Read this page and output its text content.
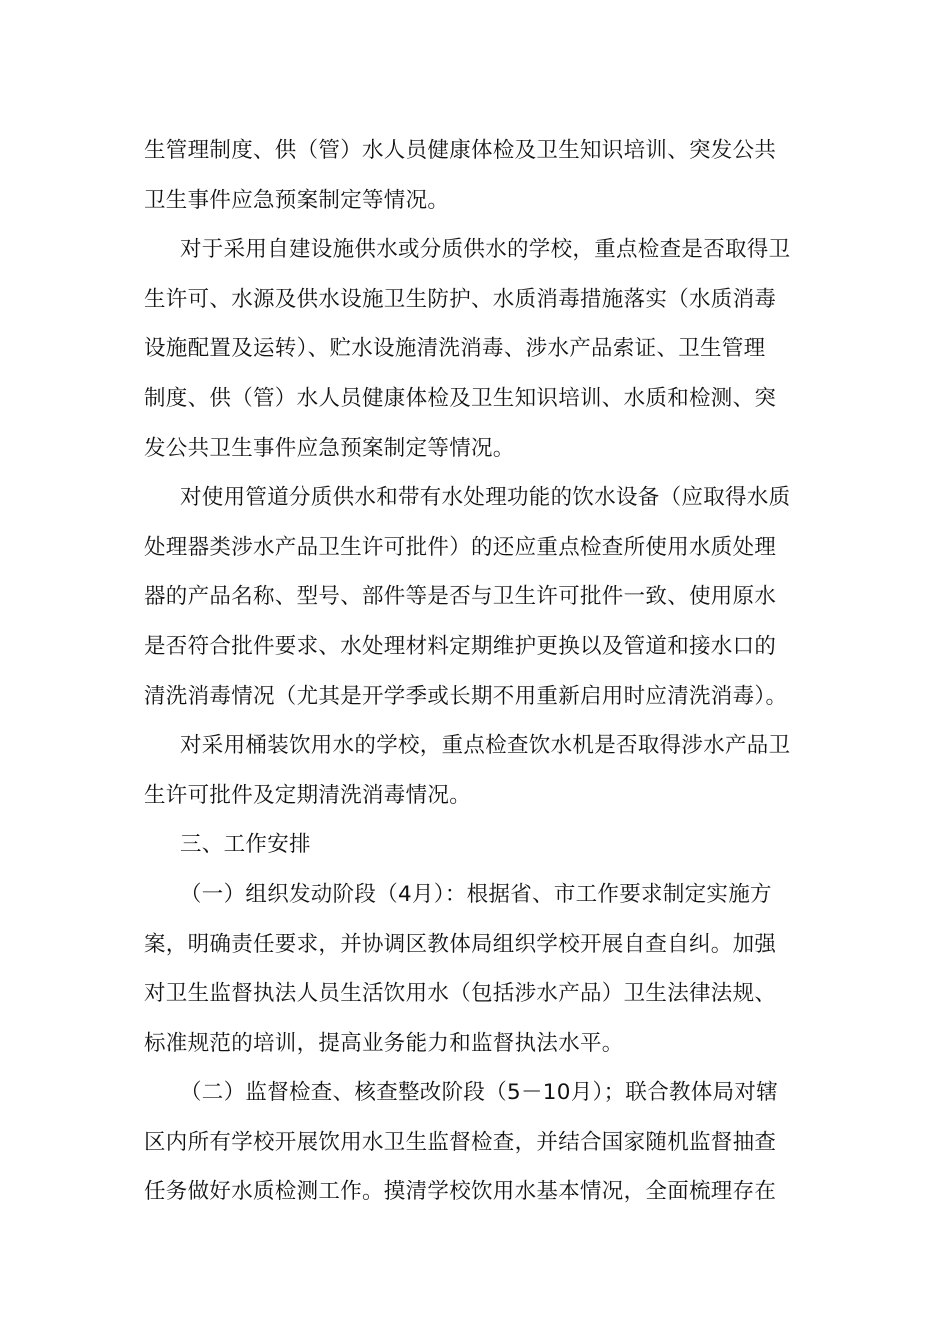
生管理制度、供（管）水人员健康体检及卫生知识培训、突发公共
卫生事件应急预案制定等情况。
对于采用自建设施供水或分质供水的学校，重点检查是否取得卫
生许可、水源及供水设施卫生防护、水质消毒措施落实（水质消毒
设施配置及运转）、贮水设施清洗消毒、涉水产品索证、卫生管理
制度、供（管）水人员健康体检及卫生知识培训、水质和检测、突
发公共卫生事件应急预案制定等情况。
对使用管道分质供水和带有水处理功能的饮水设备（应取得水质
处理器类涉水产品卫生许可批件）的还应重点检查所使用水质处理
器的产品名称、型号、部件等是否与卫生许可批件一致、使用原水
是否符合批件要求、水处理材料定期维护更换以及管道和接水口的
清洗消毒情况（尤其是开学季或长期不用重新启用时应清洗消毒）。
对采用桶装饮用水的学校，重点检查饮水机是否取得涉水产品卫
生许可批件及定期清洗消毒情况。
三、工作安排
（一）组织发动阶段（4月）：根据省、市工作要求制定实施方
案，明确责任要求，并协调区教体局组织学校开展自查自纠。加强
对卫生监督执法人员生活饮用水（包括涉水产品）卫生法律法规、
标准规范的培训，提高业务能力和监督执法水平。
（二）监督检查、核查整改阶段（5－10月）；联合教体局对辖
区内所有学校开展饮用水卫生监督检查，并结合国家随机监督抽查
任务做好水质检测工作。摸清学校饮用水基本情况，全面梳理存在
